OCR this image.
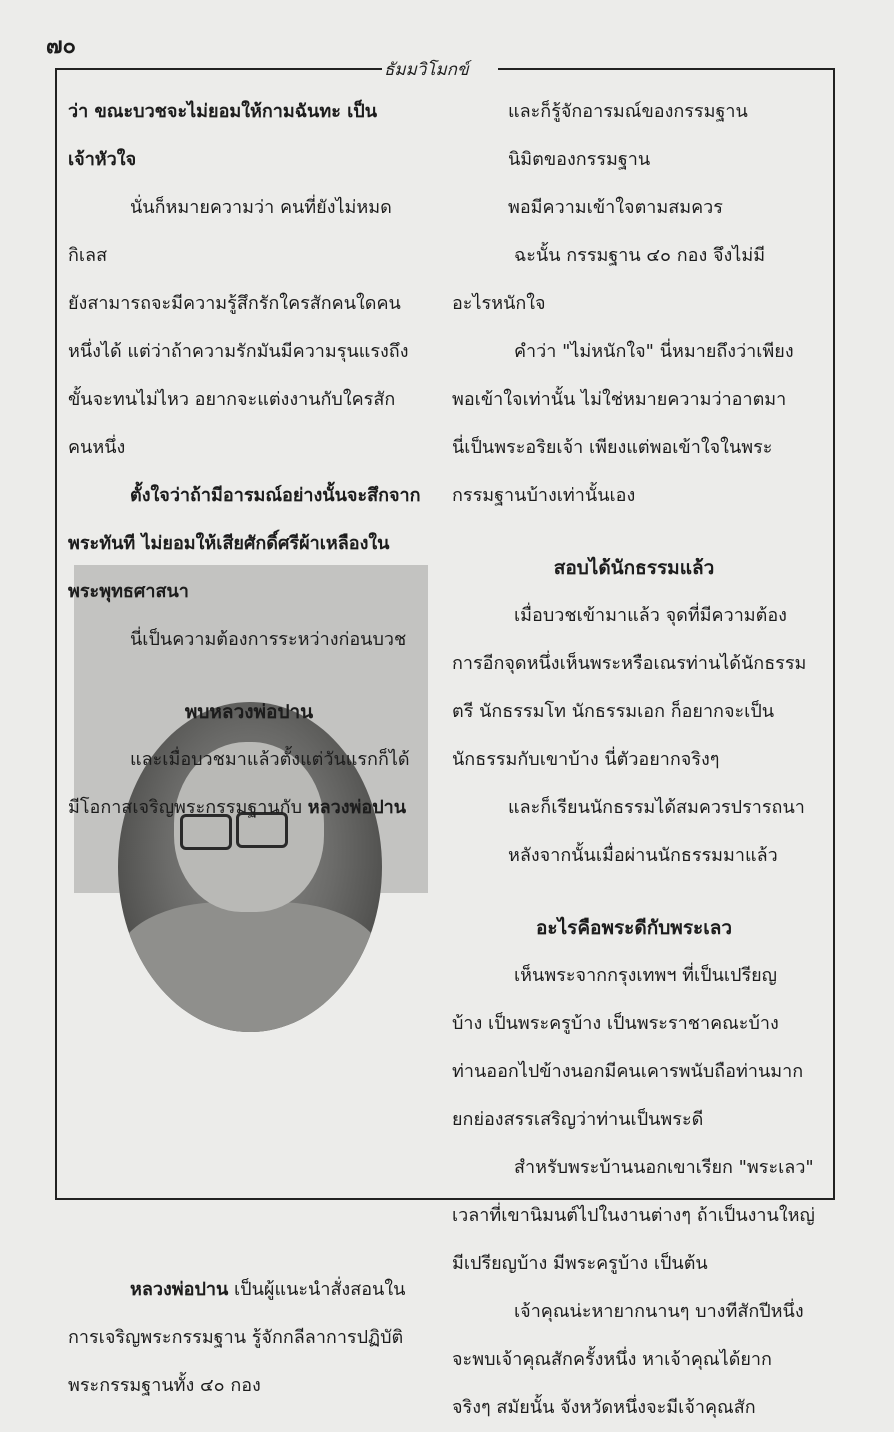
๗๐
ธัมมวิโมกข์

ว่า ขณะบวชจะไม่ยอมให้กามฉันทะ เป็น

เจ้าหัวใจ

นั่นก็หมายความว่า คนที่ยังไม่หมดกิเลส

ยังสามารถจะมีความรู้สึกรักใครสักคนใดคน

หนึ่งได้ แต่ว่าถ้าความรักมันมีความรุนแรงถึง

ขั้นจะทนไม่ไหว อยากจะแต่งงานกับใครสัก

คนหนึ่ง

ตั้งใจว่าถ้ามีอารมณ์อย่างนั้นจะสึกจาก

พระทันที ไม่ยอมให้เสียศักดิ์ศรีผ้าเหลืองใน

พระพุทธศาสนา

นี่เป็นความต้องการระหว่างก่อนบวช

พบหลวงพ่อปาน

และเมื่อบวชมาแล้วตั้งแต่วันแรกก็ได้

มีโอกาสเจริญพระกรรมฐานกับ หลวงพ่อปาน

หลวงพ่อปาน เป็นผู้แนะนำสั่งสอนใน

การเจริญพระกรรมฐาน รู้จักกลีลาการปฏิบัติ

พระกรรมฐานทั้ง ๔๐ กอง

และก็รู้จักอารมณ์ของกรรมฐาน

นิมิตของกรรมฐาน

พอมีความเข้าใจตามสมควร

ฉะนั้น กรรมฐาน ๔๐ กอง จึงไม่มี

อะไรหนักใจ

คำว่า "ไม่หนักใจ" นี่หมายถึงว่าเพียง

พอเข้าใจเท่านั้น ไม่ใช่หมายความว่าอาตมา

นี่เป็นพระอริยเจ้า เพียงแต่พอเข้าใจในพระ

กรรมฐานบ้างเท่านั้นเอง

สอบได้นักธรรมแล้ว

เมื่อบวชเข้ามาแล้ว จุดที่มีความต้อง

การอีกจุดหนึ่งเห็นพระหรือเณรท่านได้นักธรรม

ตรี นักธรรมโท นักธรรมเอก ก็อยากจะเป็น

นักธรรมกับเขาบ้าง นี่ตัวอยากจริงๆ

และก็เรียนนักธรรมได้สมควรปรารถนา

หลังจากนั้นเมื่อผ่านนักธรรมมาแล้ว

อะไรคือพระดีกับพระเลว

เห็นพระจากกรุงเทพฯ ที่เป็นเปรียญ

บ้าง เป็นพระครูบ้าง เป็นพระราชาคณะบ้าง

ท่านออกไปข้างนอกมีคนเคารพนับถือท่านมาก

ยกย่องสรรเสริญว่าท่านเป็นพระดี

สำหรับพระบ้านนอกเขาเรียก "พระเลว"

เวลาที่เขานิมนต์ไปในงานต่างๆ ถ้าเป็นงานใหญ่

มีเปรียญบ้าง มีพระครูบ้าง เป็นต้น

เจ้าคุณน่ะหายากนานๆ บางทีสักปีหนึ่ง

จะพบเจ้าคุณสักครั้งหนึ่ง หาเจ้าคุณได้ยาก

จริงๆ สมัยนั้น จังหวัดหนึ่งจะมีเจ้าคุณสัก
